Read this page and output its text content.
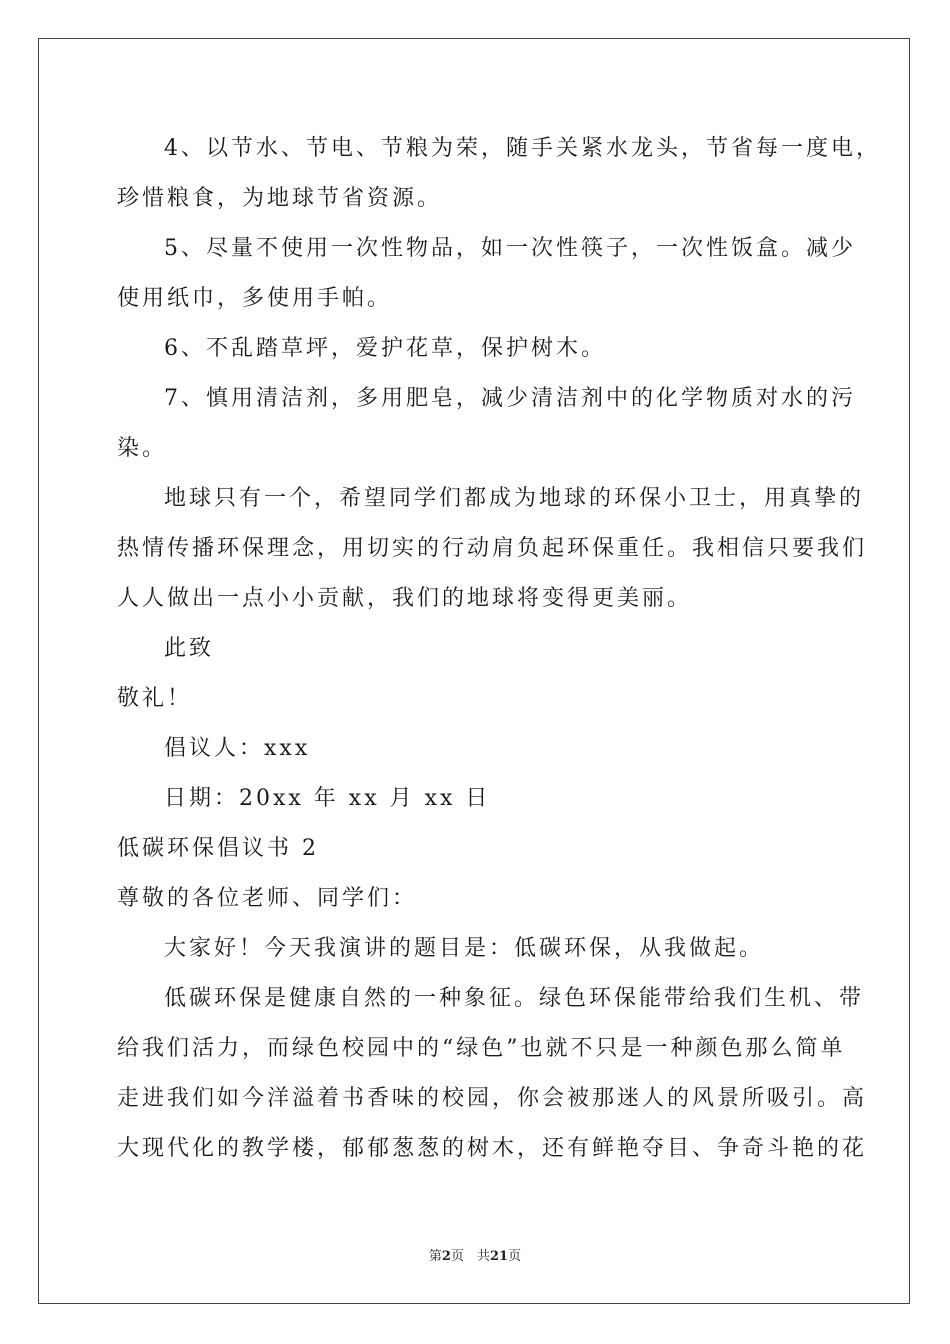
4、以节水、节电、节粮为荣，随手关紧水龙头，节省每一度电，
珍惜粮食，为地球节省资源。
5、尽量不使用一次性物品，如一次性筷子，一次性饭盒。减少
使用纸巾，多使用手帕。
6、不乱踏草坪，爱护花草，保护树木。
7、慎用清洁剂，多用肥皂，减少清洁剂中的化学物质对水的污
染。
地球只有一个，希望同学们都成为地球的环保小卫士，用真挚的
热情传播环保理念，用切实的行动肩负起环保重任。我相信只要我们
人人做出一点小小贡献，我们的地球将变得更美丽。
此致
敬礼！
倡议人：xxx
日期：20xx 年 xx 月 xx 日
低碳环保倡议书 2
尊敬的各位老师、同学们：
大家好！今天我演讲的题目是：低碳环保，从我做起。
低碳环保是健康自然的一种象征。绿色环保能带给我们生机、带
给我们活力，而绿色校园中的“绿色”也就不只是一种颜色那么简单
走进我们如今洋溢着书香味的校园，你会被那迷人的风景所吸引。高
大现代化的教学楼，郁郁葱葱的树木，还有鲜艳夺目、争奇斗艳的花
第2页　共21页
